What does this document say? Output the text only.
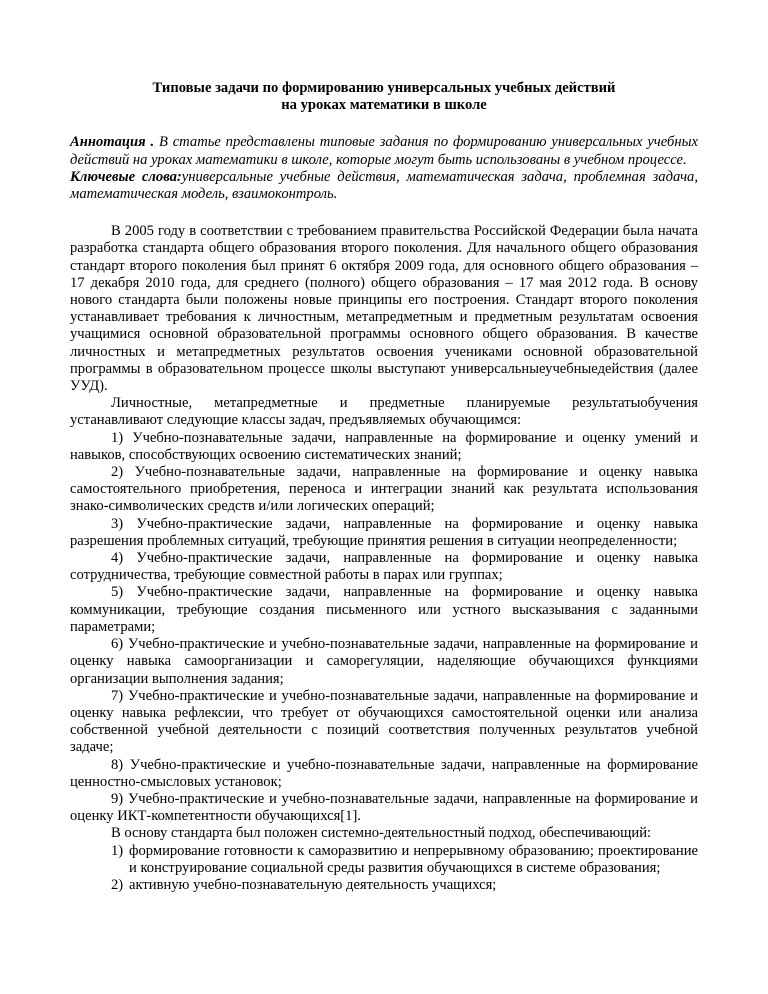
Типовые задачи по формированию универсальных учебных действий
на уроках математики в школе

Аннотация . В статье представлены типовые задания по формированию универсальных учебных действий на уроках математики в школе, которые могут быть использованы в учебном процессе.

Ключевые слова:универсальные учебные действия, математическая задача, проблемная задача, математическая модель, взаимоконтроль.

В 2005 году в соответствии с требованием правительства Российской Федерации была начата разработка стандарта общего образования второго поколения. Для начального общего образования стандарт второго поколения был принят 6 октября 2009 года, для основного общего образования – 17 декабря 2010 года, для среднего (полного) общего образования – 17 мая 2012 года. В основу нового стандарта были положены новые принципы его построения. Стандарт второго поколения устанавливает требования к личностным, метапредметным и предметным результатам освоения учащимися основной образовательной программы основного общего образования. В качестве личностных и метапредметных результатов освоения учениками основной образовательной программы в образовательном процессе школы выступают универсальныеучебныедействия (далее УУД).

Личностные, метапредметные и предметные планируемые результатыобучения устанавливают следующие классы задач, предъявляемых обучающимся:

1) Учебно-познавательные задачи, направленные на формирование и оценку умений и навыков, способствующих освоению систематических знаний;
2) Учебно-познавательные задачи, направленные на формирование и оценку навыка самостоятельного приобретения, переноса и интеграции знаний как результата использования знако-символических средств и/или логических операций;
3) Учебно-практические задачи, направленные на формирование и оценку навыка разрешения проблемных ситуаций, требующие принятия решения в ситуации неопределенности;
4) Учебно-практические задачи, направленные на формирование и оценку навыка сотрудничества, требующие совместной работы в парах или группах;
5) Учебно-практические задачи, направленные на формирование и оценку навыка коммуникации, требующие создания письменного или устного высказывания с заданными параметрами;
6) Учебно-практические и учебно-познавательные задачи, направленные на формирование и оценку навыка самоорганизации и саморегуляции, наделяющие обучающихся функциями организации выполнения задания;
7) Учебно-практические и учебно-познавательные задачи, направленные на формирование и оценку навыка рефлексии, что требует от обучающихся самостоятельной оценки или анализа собственной учебной деятельности с позиций соответствия полученных результатов учебной задаче;
8) Учебно-практические и учебно-познавательные задачи, направленные на формирование ценностно-смысловых установок;
9) Учебно-практические и учебно-познавательные задачи, направленные на формирование и оценку ИКТ-компетентности обучающихся[1].

В основу стандарта был положен системно-деятельностный подход, обеспечивающий:

1) формирование готовности к саморазвитию и непрерывному образованию; проектирование и конструирование социальной среды развития обучающихся в системе образования;
2) активную учебно-познавательную деятельность учащихся;
